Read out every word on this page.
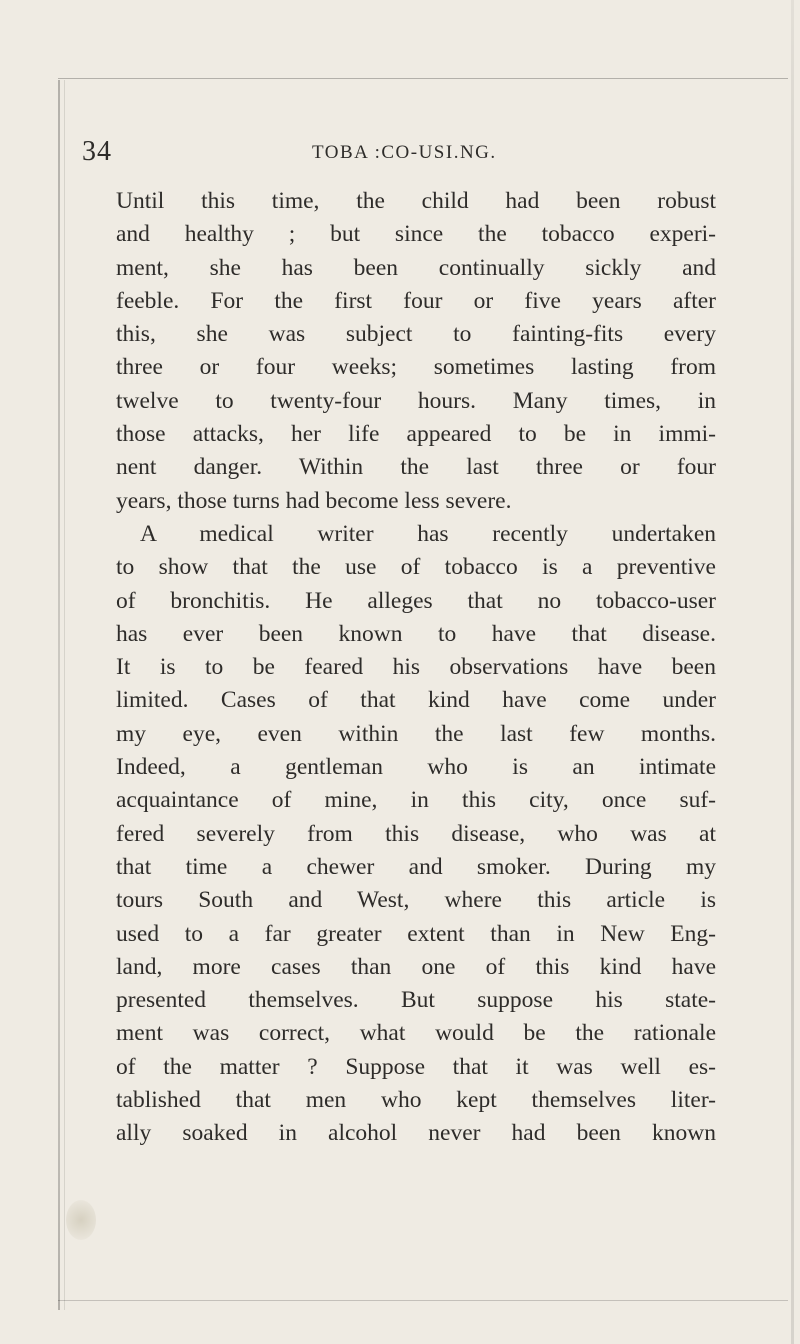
34	TOBA :CO-USI.NG.
Until this time, the child had been robust
and healthy ; but since the tobacco experi-
ment, she has been continually sickly and
feeble. For the first four or five years after
this, she was subject to fainting-fits every
three or four weeks; sometimes lasting from
twelve to twenty-four hours. Many times, in
those attacks, her life appeared to be in immi-
nent danger. Within the last three or four
years, those turns had become less severe.
A medical writer has recently undertaken
to show that the use of tobacco is a preventive
of bronchitis. He alleges that no tobacco-user
has ever been known to have that disease.
It is to be feared his observations have been
limited. Cases of that kind have come under
my eye, even within the last few months.
Indeed, a gentleman who is an intimate
acquaintance of mine, in this city, once suf-
fered severely from this disease, who was at
that time a chewer and smoker. During my
tours South and West, where this article is
used to a far greater extent than in New Eng-
land, more cases than one of this kind have
presented themselves. But suppose his state-
ment was correct, what would be the rationale
of the matter ? Suppose that it was well es-
tablished that men who kept themselves liter-
ally soaked in alcohol never had been known
